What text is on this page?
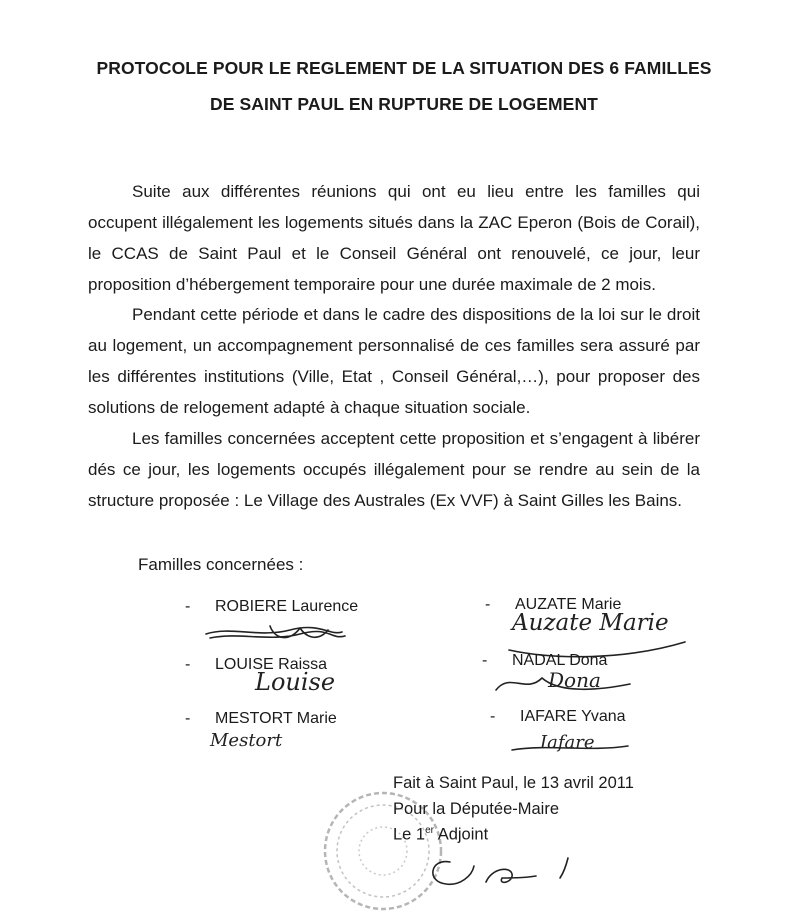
PROTOCOLE POUR LE REGLEMENT DE LA SITUATION DES 6 FAMILLES
DE SAINT PAUL EN RUPTURE DE LOGEMENT

Suite aux différentes réunions qui ont eu lieu entre les familles qui occupent illégalement les logements situés dans la ZAC Eperon (Bois de Corail), le CCAS de Saint Paul et le Conseil Général ont renouvelé, ce jour, leur proposition d’hébergement temporaire pour une durée maximale de 2 mois.

Pendant cette période et dans le cadre des dispositions de la loi sur le droit au logement, un accompagnement personnalisé de ces familles sera assuré par les différentes institutions (Ville, Etat , Conseil Général,…), pour proposer des solutions de relogement adapté à chaque situation sociale.

Les familles concernées acceptent cette proposition et s’engagent à libérer dés ce jour, les logements occupés illégalement pour se rendre au sein de la structure proposée : Le Village des Australes (Ex VVF) à Saint Gilles les Bains.

Familles concernées :
- ROBIERE Laurence	- AUZATE Marie
Auzate Marie
- LOUISE Raissa
Louise
- NADAL Dona
Dona
- MESTORT Marie
Mestort
- IAFARE Yvana
Iafare
Fait à Saint Paul, le 13 avril 2011
Pour la Députée-Maire
Le 1er Adjoint
